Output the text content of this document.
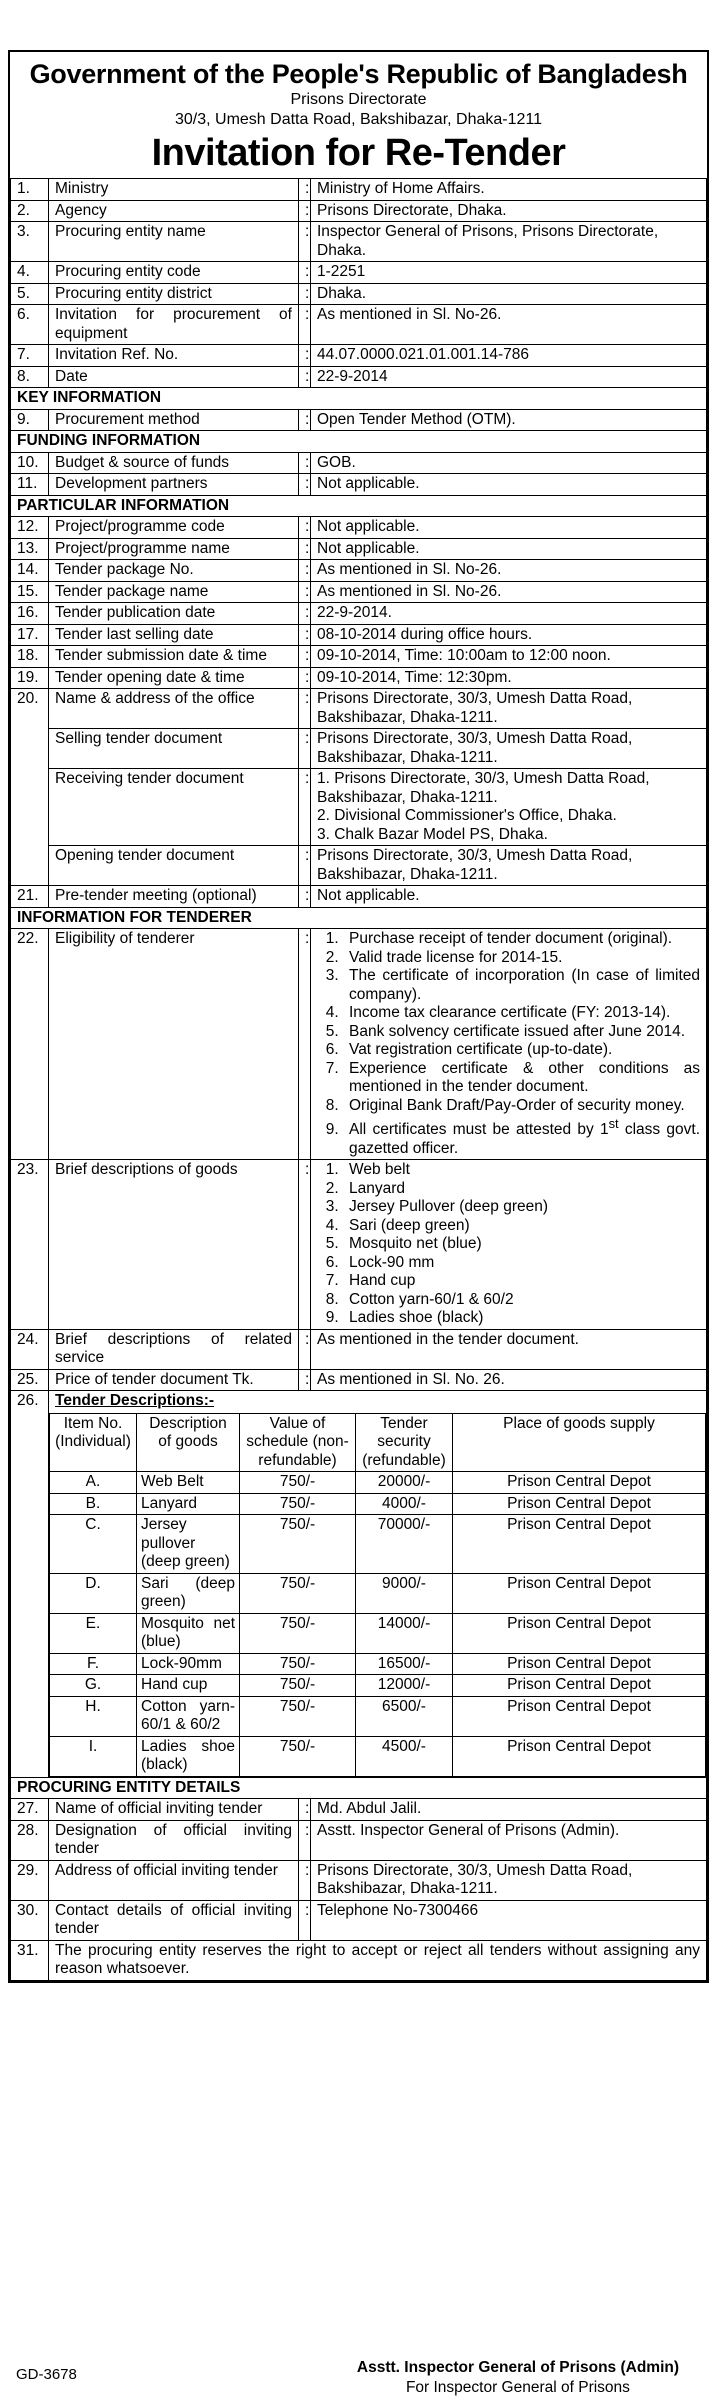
Government of the People's Republic of Bangladesh
Prisons Directorate
30/3, Umesh Datta Road, Bakshibazar, Dhaka-1211
Invitation for Re-Tender
1.	Ministry	:	Ministry of Home Affairs.
2.	Agency	:	Prisons Directorate, Dhaka.
3.	Procuring entity name	:	Inspector General of Prisons, Prisons Directorate, Dhaka.
4.	Procuring entity code	:	1-2251
5.	Procuring entity district	:	Dhaka.
6.	Invitation for procurement of equipment	:	As mentioned in Sl. No-26.
7.	Invitation Ref. No.	:	44.07.0000.021.01.001.14-786
8.	Date	:	22-9-2014
KEY INFORMATION
9.	Procurement method	:	Open Tender Method (OTM).
FUNDING INFORMATION
10.	Budget & source of funds	:	GOB.
11.	Development partners	:	Not applicable.
PARTICULAR INFORMATION
12.	Project/programme code	:	Not applicable.
13.	Project/programme name	:	Not applicable.
14.	Tender package No.	:	As mentioned in Sl. No-26.
15.	Tender package name	:	As mentioned in Sl. No-26.
16.	Tender publication date	:	22-9-2014.
17.	Tender last selling date	:	08-10-2014 during office hours.
18.	Tender submission date & time	:	09-10-2014, Time: 10:00am to 12:00 noon.
19.	Tender opening date & time	:	09-10-2014, Time: 12:30pm.
20.	Name & address of the office	:	Prisons Directorate, 30/3, Umesh Datta Road, Bakshibazar, Dhaka-1211.
Selling tender document	:	Prisons Directorate, 30/3, Umesh Datta Road, Bakshibazar, Dhaka-1211.
Receiving tender document	:	1. Prisons Directorate, 30/3, Umesh Datta Road, Bakshibazar, Dhaka-1211.
2. Divisional Commissioner's Office, Dhaka.
3. Chalk Bazar Model PS, Dhaka.

Opening tender document	:	Prisons Directorate, 30/3, Umesh Datta Road, Bakshibazar, Dhaka-1211.
21.	Pre-tender meeting (optional)	:	Not applicable.
INFORMATION FOR TENDERER
22.	Eligibility of tenderer	:	
1.Purchase receipt of tender document (original).
2. Valid trade license for 2014-15.
3. The certificate of incorporation (In case of limited company).
4. Income tax clearance certificate (FY: 2013-14).
5. Bank solvency certificate issued after June 2014.
6. Vat registration certificate (up-to-date).
7. Experience certificate & other conditions as mentioned in the tender document.
8. Original Bank Draft/Pay-Order of security money.
9. All certificates must be attested by 1st class govt. gazetted officer.

23.	Brief descriptions of goods	:	
1.Web belt
2. Lanyard
3. Jersey Pullover (deep green)
4. Sari (deep green)
5. Mosquito net (blue)
6. Lock-90 mm
7. Hand cup
8. Cotton yarn-60/1 & 60/2
9. Ladies shoe (black)

24.	Brief descriptions of related service	:	As mentioned in the tender document.
25.	Price of tender document Tk.	:	As mentioned in Sl. No. 26.
26.	Tender Descriptions:-
Item No. (Individual)	Description of goods	Value of schedule (non-refundable)	Tender security (refundable)	Place of goods supply
A.	Web Belt	750/-	20000/-	Prison Central Depot
B.	Lanyard	750/-	4000/-	Prison Central Depot
C.	Jersey pullover (deep green)	750/-	70000/-	Prison Central Depot
D.	Sari (deep green)	750/-	9000/-	Prison Central Depot
E.	Mosquito net (blue)	750/-	14000/-	Prison Central Depot
F.	Lock-90mm	750/-	16500/-	Prison Central Depot
G.	Hand cup	750/-	12000/-	Prison Central Depot
H.	Cotton yarn-60/1 & 60/2	750/-	6500/-	Prison Central Depot
I.	Ladies shoe (black)	750/-	4500/-	Prison Central Depot

PROCURING ENTITY DETAILS
27.	Name of official inviting tender	:	Md. Abdul Jalil.
28.	Designation of official inviting tender	:	Asstt. Inspector General of Prisons (Admin).
29.	Address of official inviting tender	:	Prisons Directorate, 30/3, Umesh Datta Road, Bakshibazar, Dhaka-1211.
30.	Contact details of official inviting tender	:	Telephone No-7300466
31.	The procuring entity reserves the right to accept or reject all tenders without assigning any reason whatsoever.
GD-3678	Asstt. Inspector General of Prisons (Admin)
For Inspector General of Prisons
